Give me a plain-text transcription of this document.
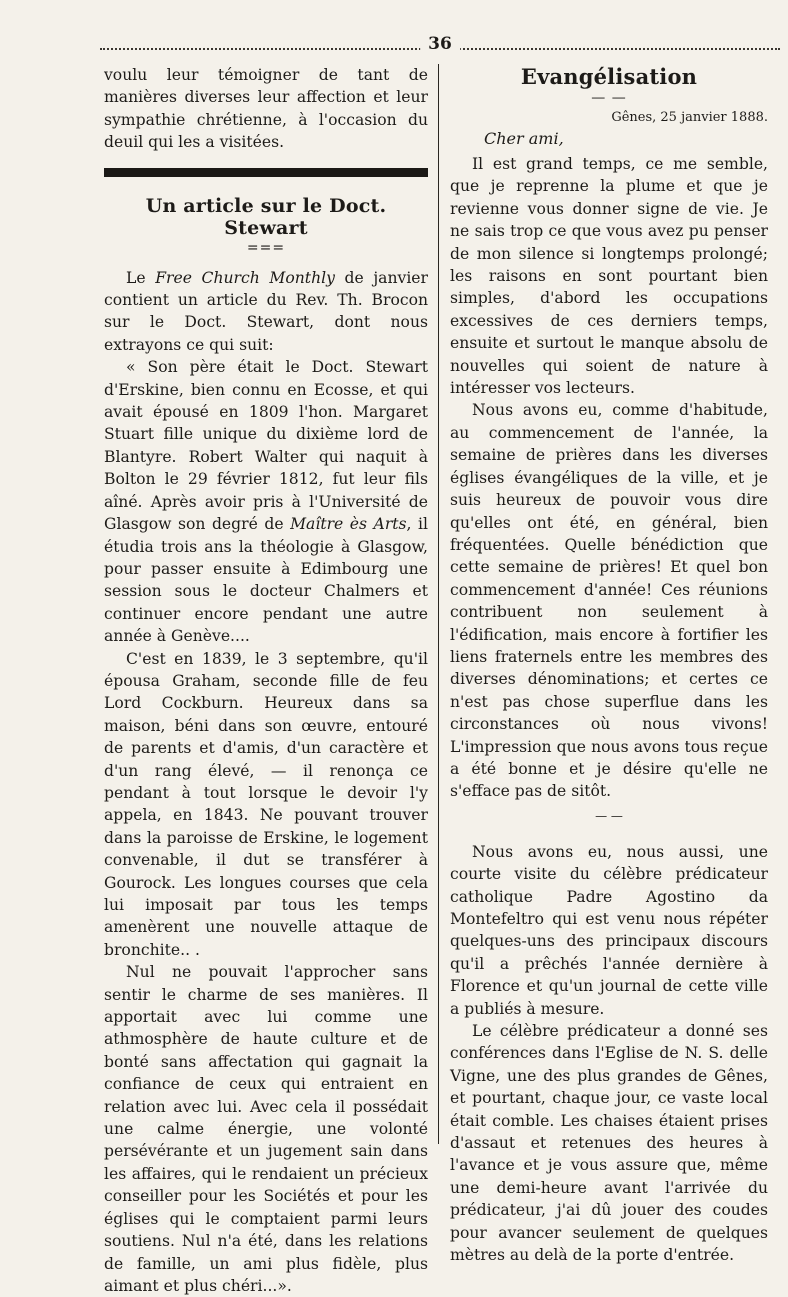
36

voulu leur témoigner de tant de manières diverses leur affection et leur sympathie chrétienne, à l'occasion du deuil qui les a visitées.

Un article sur le Doct. Stewart
===

Le Free Church Monthly de janvier contient un article du Rev. Th. Brocon sur le Doct. Stewart, dont nous extrayons ce qui suit:

« Son père était le Doct. Stewart d'Erskine, bien connu en Ecosse, et qui avait épousé en 1809 l'hon. Margaret Stuart fille unique du dixième lord de Blantyre. Robert Walter qui naquit à Bolton le 29 février 1812, fut leur fils aîné. Après avoir pris à l'Université de Glasgow son degré de Maître ès Arts, il étudia trois ans la théologie à Glasgow, pour passer ensuite à Edimbourg une session sous le docteur Chalmers et continuer encore pendant une autre année à Genève....

C'est en 1839, le 3 septembre, qu'il épousa Graham, seconde fille de feu Lord Cockburn. Heureux dans sa maison, béni dans son œuvre, entouré de parents et d'amis, d'un caractère et d'un rang élevé, — il renonça ce pendant à tout lorsque le devoir l'y appela, en 1843. Ne pouvant trouver dans la paroisse de Erskine, le logement convenable, il dut se transférer à Gourock. Les longues courses que cela lui imposait par tous les temps amenèrent une nouvelle attaque de bronchite.. .

Nul ne pouvait l'approcher sans sentir le charme de ses manières. Il apportait avec lui comme une athmosphère de haute culture et de bonté sans affectation qui gagnait la confiance de ceux qui entraient en relation avec lui. Avec cela il possédait une calme énergie, une volonté persévérante et un jugement sain dans les affaires, qui le rendaient un précieux conseiller pour les Sociétés et pour les églises qui le comptaient parmi leurs soutiens. Nul n'a été, dans les relations de famille, un ami plus fidèle, plus aimant et plus chéri...».

Evangélisation
— —
Gênes, 25 janvier 1888.
Cher ami,

Il est grand temps, ce me semble, que je reprenne la plume et que je revienne vous donner signe de vie. Je ne sais trop ce que vous avez pu penser de mon silence si longtemps prolongé; les raisons en sont pourtant bien simples, d'abord les occupations excessives de ces derniers temps, ensuite et surtout le manque absolu de nouvelles qui soient de nature à intéresser vos lecteurs.

Nous avons eu, comme d'habitude, au commencement de l'année, la semaine de prières dans les diverses églises évangéliques de la ville, et je suis heureux de pouvoir vous dire qu'elles ont été, en général, bien fréquentées. Quelle bénédiction que cette semaine de prières! Et quel bon commencement d'année! Ces réunions contribuent non seulement à l'édification, mais encore à fortifier les liens fraternels entre les membres des diverses dénominations; et certes ce n'est pas chose superflue dans les circonstances où nous vivons! L'impression que nous avons tous reçue a été bonne et je désire qu'elle ne s'efface pas de sitôt.

— —

Nous avons eu, nous aussi, une courte visite du célèbre prédicateur catholique Padre Agostino da Montefeltro qui est venu nous répéter quelques-uns des principaux discours qu'il a prêchés l'année dernière à Florence et qu'un journal de cette ville a publiés à mesure.

Le célèbre prédicateur a donné ses conférences dans l'Eglise de N. S. delle Vigne, une des plus grandes de Gênes, et pourtant, chaque jour, ce vaste local était comble. Les chaises étaient prises d'assaut et retenues des heures à l'avance et je vous assure que, même une demi-heure avant l'arrivée du prédicateur, j'ai dû jouer des coudes pour avancer seulement de quelques mètres au delà de la porte d'entrée.
